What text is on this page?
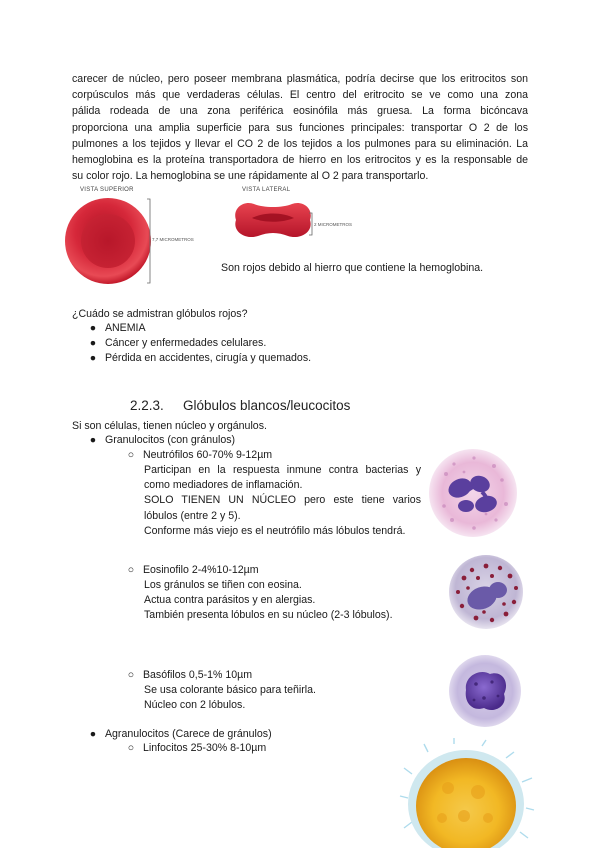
carecer de núcleo, pero poseer membrana plasmática, podría decirse que los eritrocitos son
corpúsculos más que verdaderas células. El centro del eritrocito se ve como una zona
pálida rodeada de una zona periférica eosinófila más gruesa. La forma bicóncava
proporciona una amplia superficie para sus funciones principales: transportar O 2 de los
pulmones a los tejidos y llevar el CO 2 de los tejidos a los pulmones para su eliminación. La
hemoglobina es la proteína transportadora de hierro en los eritrocitos y es la responsable de
su color rojo. La hemoglobina se une rápidamente al O 2 para transportarlo.
VISTA SUPERIOR
7,7 MICROMETROS
VISTA LATERAL
2 MICROMETROS
Son rojos debido al hierro que contiene la hemoglobina.
¿Cuádo se admistran glóbulos rojos?
● ANEMIA
● Cáncer y enfermedades celulares.
● Pérdida en accidentes, cirugía y quemados.
2.2.3. Glóbulos blancos/leucocitos
Si son células, tienen núcleo y orgánulos.
● Granulocitos (con gránulos)
○ Neutrófilos 60-70% 9-12µm
Participan en la respuesta inmune contra bacterias y
como mediadores de inflamación.
SOLO TIENEN UN NÚCLEO pero este tiene varios
lóbulos (entre 2 y 5).
Conforme más viejo es el neutrófilo más lóbulos tendrá.
○ Eosinofilo 2-4%10-12µm
Los gránulos se tiñen con eosina.
Actua contra parásitos y en alergias.
También presenta lóbulos en su núcleo (2-3 lóbulos).
○ Basófilos 0,5-1% 10µm
Se usa colorante básico para teñirla.
Núcleo con 2 lóbulos.
● Agranulocitos (Carece de gránulos)
○ Linfocitos 25-30% 8-10µm
